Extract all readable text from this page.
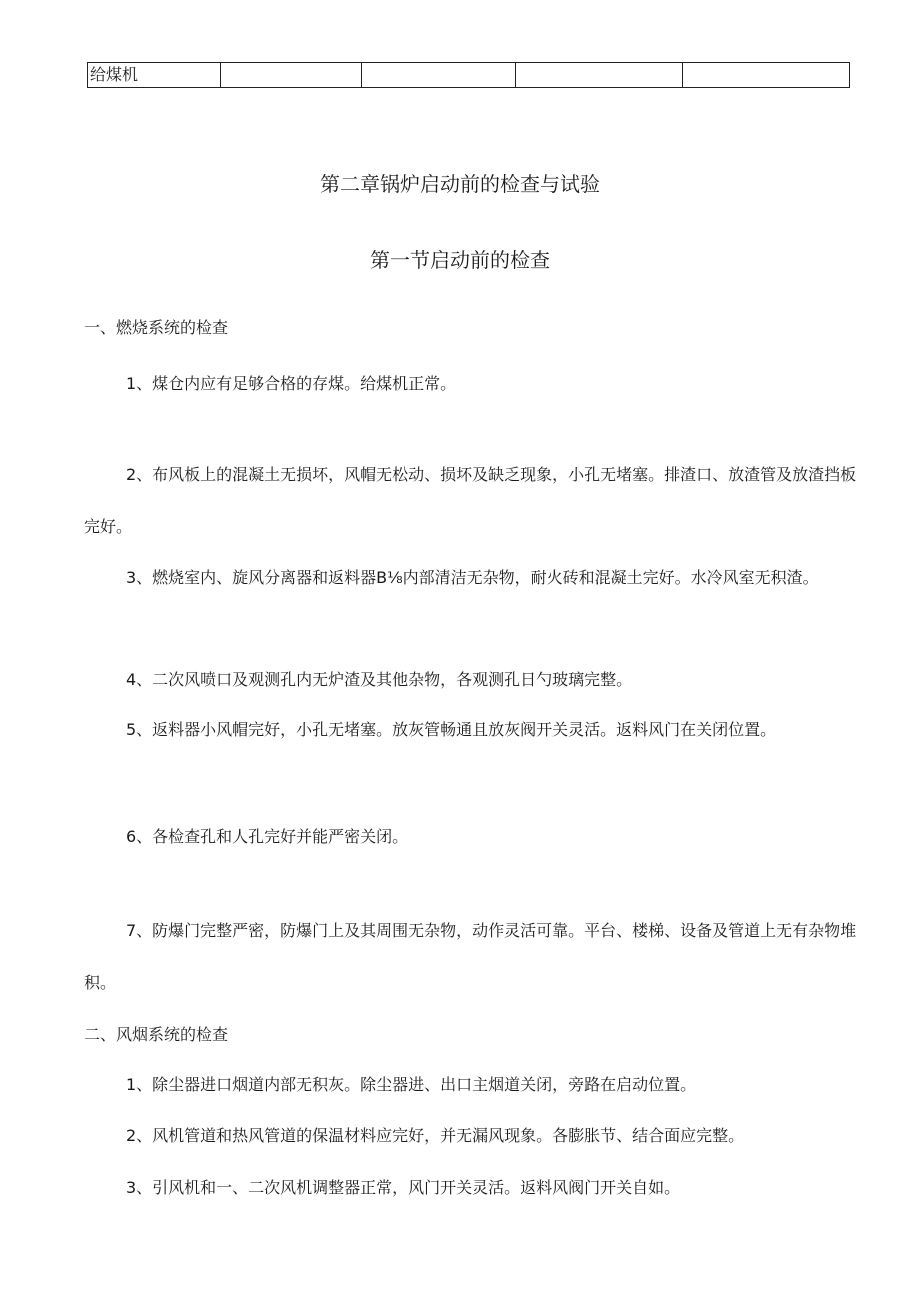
给煤机				
第二章锅炉启动前的检查与试验
第一节启动前的检查
一、燃烧系统的检查
1、煤仓内应有足够合格的存煤。给煤机正常。
2、布风板上的混凝土无损坏，风帽无松动、损坏及缺乏现象，小孔无堵塞。排渣口、放渣管及放渣挡板完好。
3、燃烧室内、旋风分离器和返料器B⅛内部清洁无杂物，耐火砖和混凝土完好。水冷风室无积渣。
4、二次风喷口及观测孔内无炉渣及其他杂物，各观测孔日勺玻璃完整。
5、返料器小风帽完好，小孔无堵塞。放灰管畅通且放灰阀开关灵活。返料风门在关闭位置。
6、各检查孔和人孔完好并能严密关闭。
7、防爆门完整严密，防爆门上及其周围无杂物，动作灵活可靠。平台、楼梯、设备及管道上无有杂物堆积。
二、风烟系统的检查
1、除尘器进口烟道内部无积灰。除尘器进、出口主烟道关闭，旁路在启动位置。
2、风机管道和热风管道的保温材料应完好，并无漏风现象。各膨胀节、结合面应完整。
3、引风机和一、二次风机调整器正常，风门开关灵活。返料风阀门开关自如。
